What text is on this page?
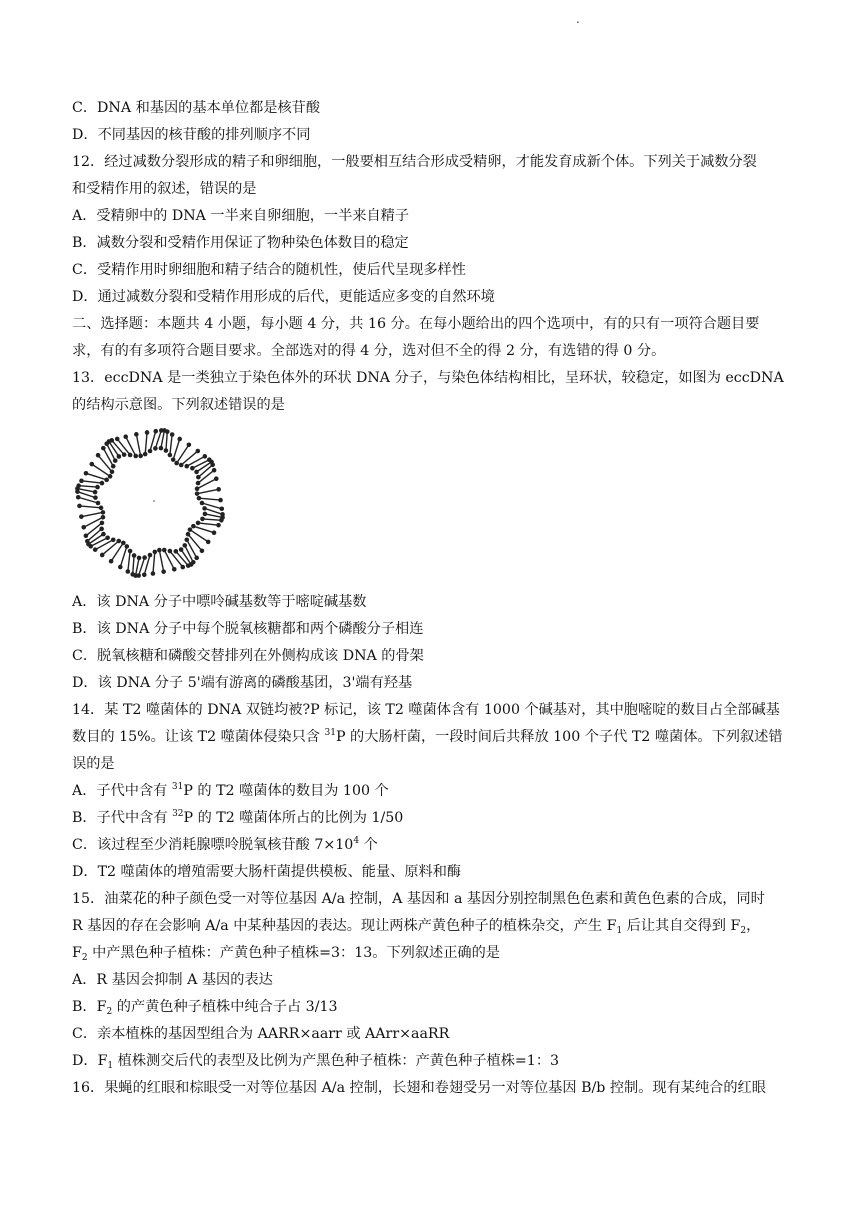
.
C．DNA 和基因的基本单位都是核苷酸
D．不同基因的核苷酸的排列顺序不同
12．经过减数分裂形成的精子和卵细胞，一般要相互结合形成受精卵，才能发育成新个体。下列关于减数分裂
和受精作用的叙述，错误的是
A．受精卵中的 DNA 一半来自卵细胞，一半来自精子
B．减数分裂和受精作用保证了物种染色体数目的稳定
C．受精作用时卵细胞和精子结合的随机性，使后代呈现多样性
D．通过减数分裂和受精作用形成的后代，更能适应多变的自然环境
二、选择题：本题共 4 小题，每小题 4 分，共 16 分。在每小题给出的四个选项中，有的只有一项符合题目要
求，有的有多项符合题目要求。全部选对的得 4 分，选对但不全的得 2 分，有选错的得 0 分。
13．eccDNA 是一类独立于染色体外的环状 DNA 分子，与染色体结构相比，呈环状，较稳定，如图为 eccDNA
的结构示意图。下列叙述错误的是
A．该 DNA 分子中嘌呤碱基数等于嘧啶碱基数
B．该 DNA 分子中每个脱氧核糖都和两个磷酸分子相连
C．脱氧核糖和磷酸交替排列在外侧构成该 DNA 的骨架
D．该 DNA 分子 5'端有游离的磷酸基团，3'端有羟基
14．某 T2 噬菌体的 DNA 双链均被?P 标记，该 T2 噬菌体含有 1000 个碱基对，其中胞嘧啶的数目占全部碱基
数目的 15%。让该 T2 噬菌体侵染只含 $^{31}$P 的大肠杆菌，一段时间后共释放 100 个子代 T2 噬菌体。下列叙述错
误的是
A．子代中含有 $^{31}$P 的 T2 噬菌体的数目为 100 个
B．子代中含有 $^{32}$P 的 T2 噬菌体所占的比例为 1/50
C．该过程至少消耗腺嘌呤脱氧核苷酸 $7\times 10^4$ 个
D．T2 噬菌体的增殖需要大肠杆菌提供模板、能量、原料和酶
15．油菜花的种子颜色受一对等位基因 A/a 控制，A 基因和 a 基因分别控制黑色色素和黄色色素的合成，同时
R 基因的存在会影响 A/a 中某种基因的表达。现让两株产黄色种子的植株杂交，产生 $F_1$ 后让其自交得到 $F_2$，
$F_2$ 中产黑色种子植株：产黄色种子植株=3：13。下列叙述正确的是
A．R 基因会抑制 A 基因的表达
B．$F_2$ 的产黄色种子植株中纯合子占 3/13
C．亲本植株的基因型组合为 AARR×aarr 或 AArr×aaRR
D．$F_1$ 植株测交后代的表型及比例为产黑色种子植株：产黄色种子植株=1：3
16．果蝇的红眼和棕眼受一对等位基因 A/a 控制，长翅和卷翅受另一对等位基因 B/b 控制。现有某纯合的红眼
